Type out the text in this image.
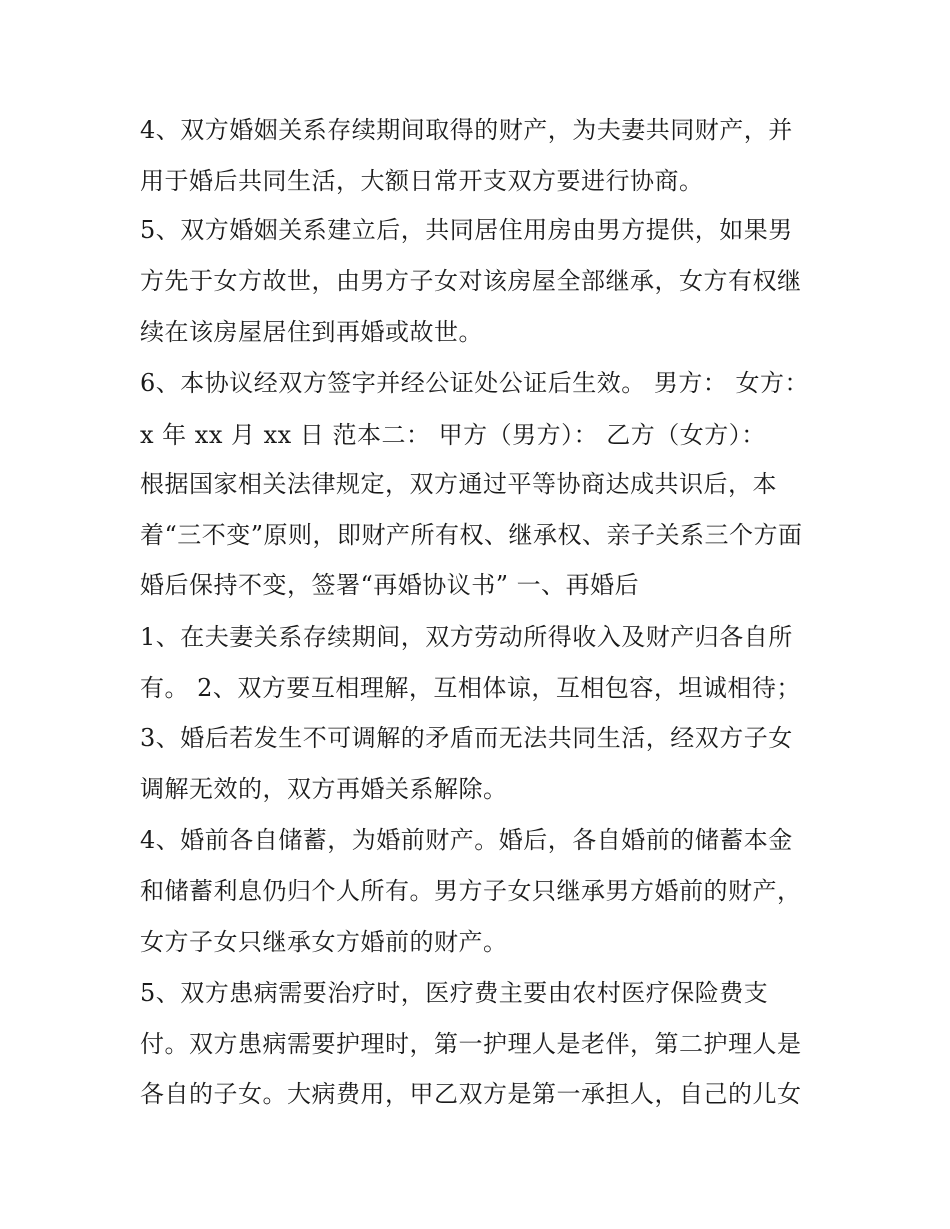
4、双方婚姻关系存续期间取得的财产，为夫妻共同财产，并
用于婚后共同生活，大额日常开支双方要进行协商。
5、双方婚姻关系建立后，共同居住用房由男方提供，如果男
方先于女方故世，由男方子女对该房屋全部继承，女方有权继
续在该房屋居住到再婚或故世。
6、本协议经双方签字并经公证处公证后生效。 男方： 女方：
x 年 xx 月 xx 日 范本二： 甲方（男方）： 乙方（女方）：
根据国家相关法律规定，双方通过平等协商达成共识后，本
着“三不变”原则，即财产所有权、继承权、亲子关系三个方面
婚后保持不变，签署“再婚协议书” 一、再婚后
1、在夫妻关系存续期间，双方劳动所得收入及财产归各自所
有。 2、双方要互相理解，互相体谅，互相包容，坦诚相待；
3、婚后若发生不可调解的矛盾而无法共同生活，经双方子女
调解无效的，双方再婚关系解除。
4、婚前各自储蓄，为婚前财产。婚后，各自婚前的储蓄本金
和储蓄利息仍归个人所有。男方子女只继承男方婚前的财产，
女方子女只继承女方婚前的财产。
5、双方患病需要治疗时，医疗费主要由农村医疗保险费支
付。双方患病需要护理时，第一护理人是老伴，第二护理人是
各自的子女。大病费用，甲乙双方是第一承担人，自己的儿女
